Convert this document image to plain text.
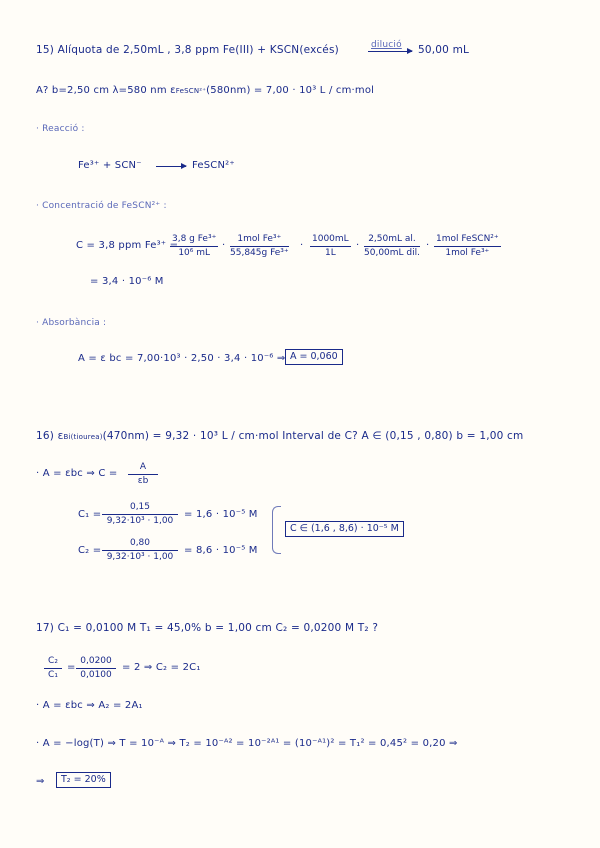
15) Alíquota de 2,50mL , 3,8 ppm Fe(III) + KSCN(excés)	dilució 50,00 mL
A? b=2,50 cm λ=580 nm εFeSCN²⁺(580nm) = 7,00 · 10³ L / cm·mol
· Reacció :
Fe³⁺ + SCN⁻ → FeSCN²⁺
· Concentració de FeSCN²⁺ :
C = 3,8 ppm Fe³⁺ =
$\frac{\text{3,8 g Fe³⁺}}{\text{10⁶ mL}}$ ·
1mol Fe³⁺
55,845g Fe³⁺
· $\frac{1000mL}{1L}$ ·
2,50mL al.
50,00mL dil.
·
1mol FeSCN²⁺
1mol Fe³⁺
= 3,4 · 10⁻⁶ M
· Absorbància :
A = ε bc = 7,00·10³ · 2,50 · 3,4 · 10⁻⁶ ⇒ A = 0,060
16) εBi(tiourea)(470nm) = 9,32 · 10³ L / cm·mol Interval de C? A ∈ (0,15 , 0,80) b = 1,00 cm
· A = εbc ⇒ $C = \frac{A}{\varepsilon b}$
$C_1 = \frac{0,15}{\text{9,32·10³ · 1,00}} = 1,6 \cdot 10^{-5}$ M
$C_2 = \frac{0,80}{\text{9,32·10³ · 1,00}} = 8,6 \cdot 10^{-5}$ M
C ∈ (1,6 , 8,6) · 10⁻⁵ M
17) C₁ = 0,0100 M T₁ = 45,0% b = 1,00 cm C₂ = 0,0200 M T₂ ?
$\frac{\text{C₂}}{\text{C₁}} = \frac{0,0200}{0,0100} = 2$ ⇒ C₂ = 2C₁
· A = εbc ⇒ A₂ = 2A₁
· A = −log(T) ⇒ T = 10⁻ᴬ ⇒ T₂ = 10⁻ᴬ² = 10⁻²ᴬ¹ = (10⁻ᴬ¹)² = T₁² = 0,45² = 0,20 ⇒
⇒	T₂ = 20%
